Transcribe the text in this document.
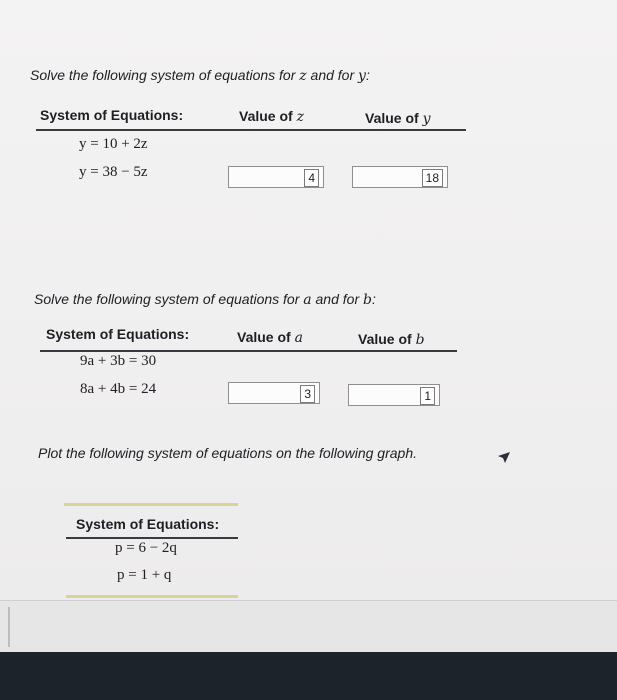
Solve the following system of equations for z and for y:
System of Equations:	Value of z	Value of y
y = 10 + 2z
y = 38 − 5z	4	18
Solve the following system of equations for a and for b:
System of Equations:	Value of a	Value of b
9a + 3b = 30
8a + 4b = 24	3	1
Plot the following system of equations on the following graph.
System of Equations:
p = 6 − 2q
p = 1 + q
